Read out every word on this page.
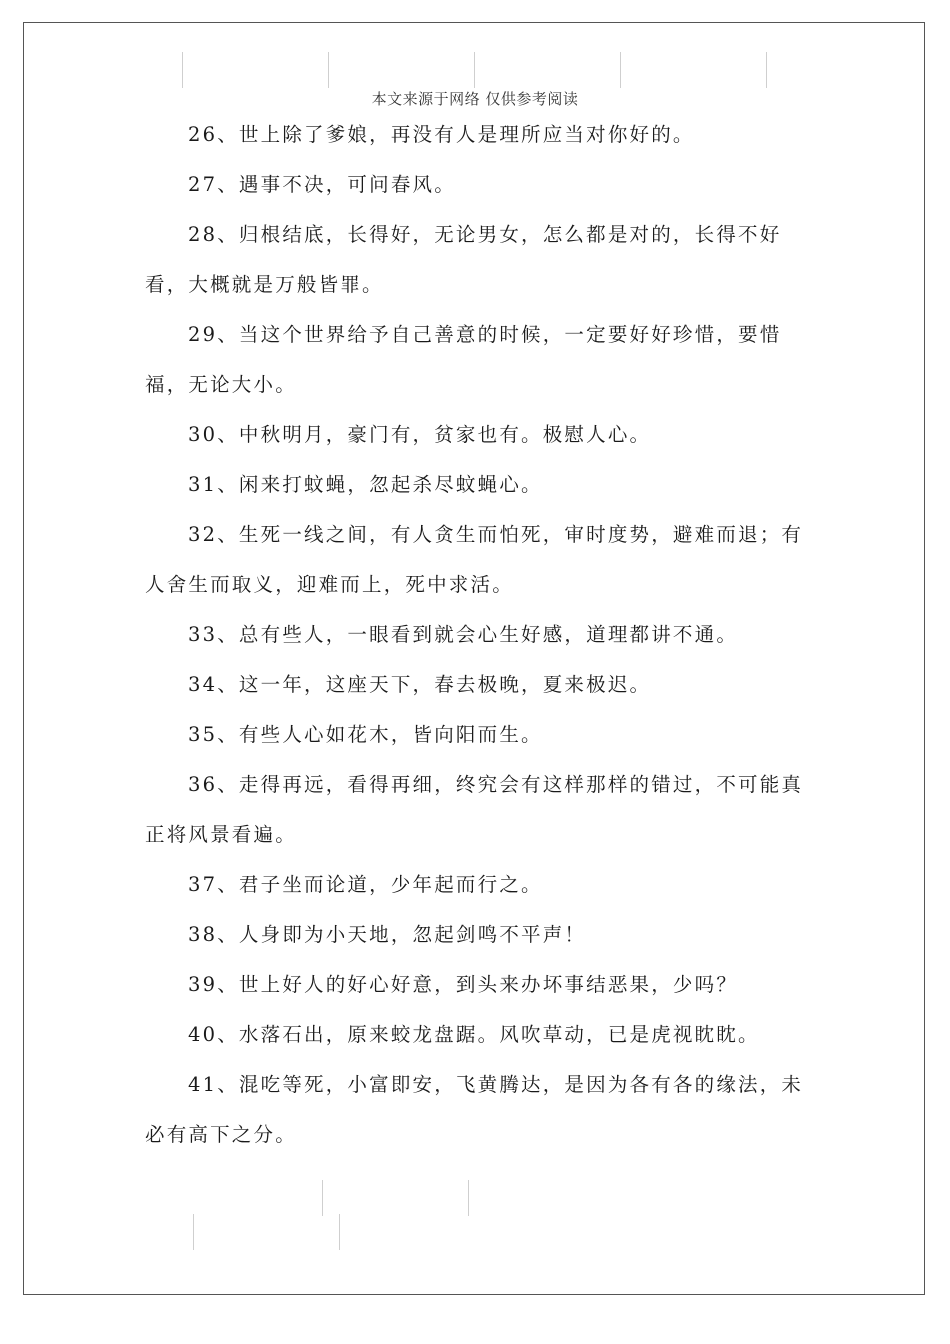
本文来源于网络 仅供参考阅读

26、世上除了爹娘，再没有人是理所应当对你好的。

27、遇事不决，可问春风。

28、归根结底，长得好，无论男女，怎么都是对的，长得不好看，大概就是万般皆罪。

29、当这个世界给予自己善意的时候，一定要好好珍惜，要惜福，无论大小。

30、中秋明月，豪门有，贫家也有。极慰人心。

31、闲来打蚊蝇，忽起杀尽蚊蝇心。

32、生死一线之间，有人贪生而怕死，审时度势，避难而退；有人舍生而取义，迎难而上，死中求活。

33、总有些人，一眼看到就会心生好感，道理都讲不通。

34、这一年，这座天下，春去极晚，夏来极迟。

35、有些人心如花木，皆向阳而生。

36、走得再远，看得再细，终究会有这样那样的错过，不可能真正将风景看遍。

37、君子坐而论道，少年起而行之。

38、人身即为小天地，忽起剑鸣不平声！

39、世上好人的好心好意，到头来办坏事结恶果，少吗？

40、水落石出，原来蛟龙盘踞。风吹草动，已是虎视眈眈。

41、混吃等死，小富即安，飞黄腾达，是因为各有各的缘法，未必有高下之分。
